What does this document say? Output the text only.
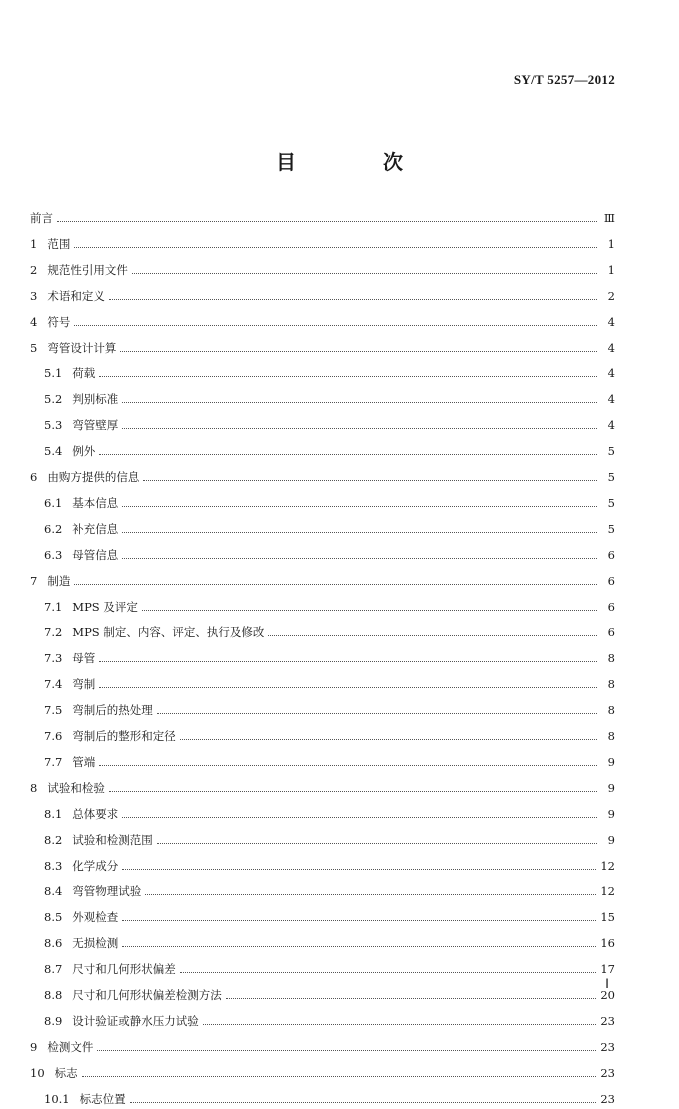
SY/T 5257—2012
目 次
前言	Ⅲ
1 范围	1
2 规范性引用文件	1
3 术语和定义	2
4 符号	4
5 弯管设计计算	4
5.1 荷载	4
5.2 判别标准	4
5.3 弯管壁厚	4
5.4 例外	5
6 由购方提供的信息	5
6.1 基本信息	5
6.2 补充信息	5
6.3 母管信息	6
7 制造	6
7.1 MPS 及评定	6
7.2 MPS 制定、内容、评定、执行及修改	6
7.3 母管	8
7.4 弯制	8
7.5 弯制后的热处理	8
7.6 弯制后的整形和定径	8
7.7 管端	9
8 试验和检验	9
8.1 总体要求	9
8.2 试验和检测范围	9
8.3 化学成分	12
8.4 弯管物理试验	12
8.5 外观检查	15
8.6 无损检测	16
8.7 尺寸和几何形状偏差	17
8.8 尺寸和几何形状偏差检测方法	20
8.9 设计验证或静水压力试验	23
9 检测文件	23
10 标志	23
10.1 标志位置	23
Ⅰ
